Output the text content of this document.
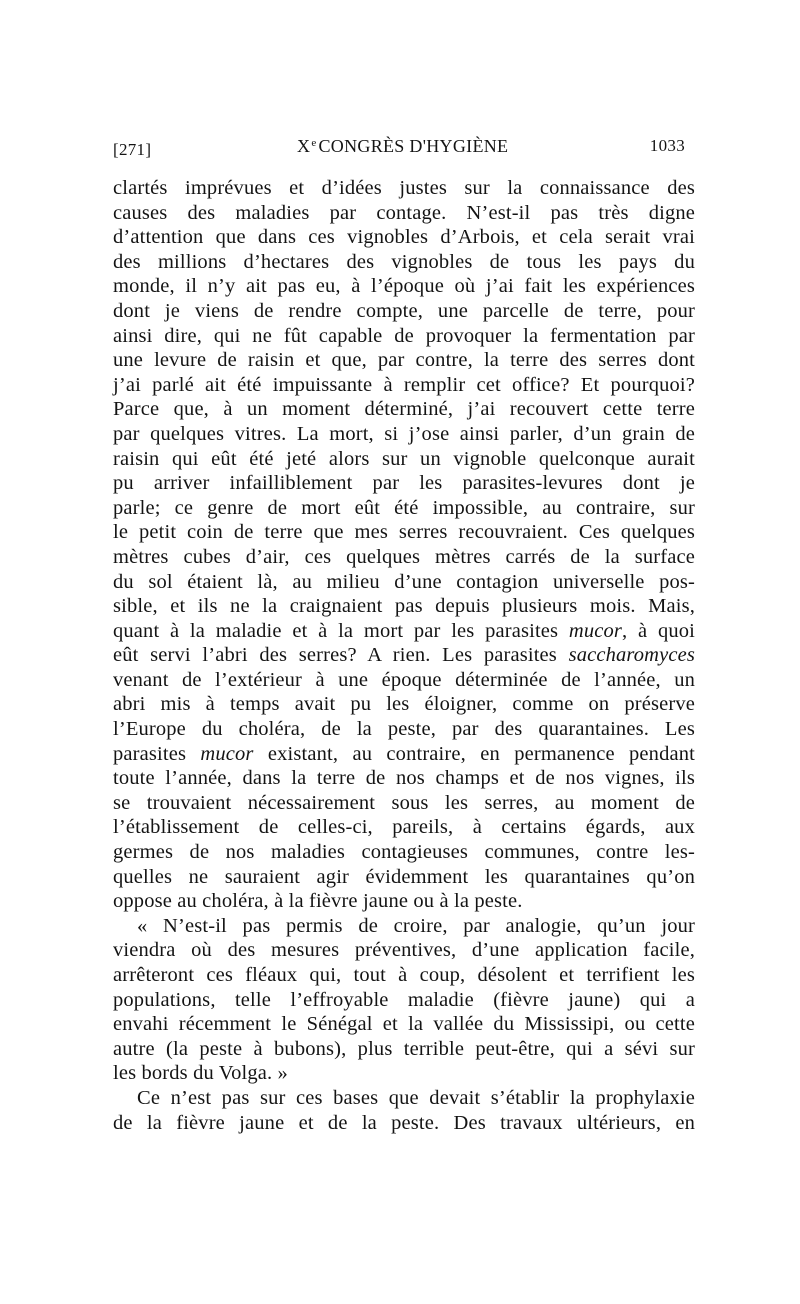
[271]	Xe CONGRÈS D'HYGIÈNE	1033
clartés imprévues et d’idées justes sur la connaissance des
causes des maladies par contage. N’est-il pas très digne
d’attention que dans ces vignobles d’Arbois, et cela serait vrai
des millions d’hectares des vignobles de tous les pays du
monde, il n’y ait pas eu, à l’époque où j’ai fait les expériences
dont je viens de rendre compte, une parcelle de terre, pour
ainsi dire, qui ne fût capable de provoquer la fermentation par
une levure de raisin et que, par contre, la terre des serres dont
j’ai parlé ait été impuissante à remplir cet office? Et pourquoi?
Parce que, à un moment déterminé, j’ai recouvert cette terre
par quelques vitres. La mort, si j’ose ainsi parler, d’un grain de
raisin qui eût été jeté alors sur un vignoble quelconque aurait
pu arriver infailliblement par les parasites-levures dont je
parle; ce genre de mort eût été impossible, au contraire, sur
le petit coin de terre que mes serres recouvraient. Ces quelques
mètres cubes d’air, ces quelques mètres carrés de la surface
du sol étaient là, au milieu d’une contagion universelle pos-
sible, et ils ne la craignaient pas depuis plusieurs mois. Mais,
quant à la maladie et à la mort par les parasites mucor, à quoi
eût servi l’abri des serres? A rien. Les parasites saccharomyces
venant de l’extérieur à une époque déterminée de l’année, un
abri mis à temps avait pu les éloigner, comme on préserve
l’Europe du choléra, de la peste, par des quarantaines. Les
parasites mucor existant, au contraire, en permanence pendant
toute l’année, dans la terre de nos champs et de nos vignes, ils
se trouvaient nécessairement sous les serres, au moment de
l’établissement de celles-ci, pareils, à certains égards, aux
germes de nos maladies contagieuses communes, contre les-
quelles ne sauraient agir évidemment les quarantaines qu’on
oppose au choléra, à la fièvre jaune ou à la peste.
« N’est-il pas permis de croire, par analogie, qu’un jour
viendra où des mesures préventives, d’une application facile,
arrêteront ces fléaux qui, tout à coup, désolent et terrifient les
populations, telle l’effroyable maladie (fièvre jaune) qui a
envahi récemment le Sénégal et la vallée du Mississipi, ou cette
autre (la peste à bubons), plus terrible peut-être, qui a sévi sur
les bords du Volga. »
Ce n’est pas sur ces bases que devait s’établir la prophylaxie
de la fièvre jaune et de la peste. Des travaux ultérieurs, en
